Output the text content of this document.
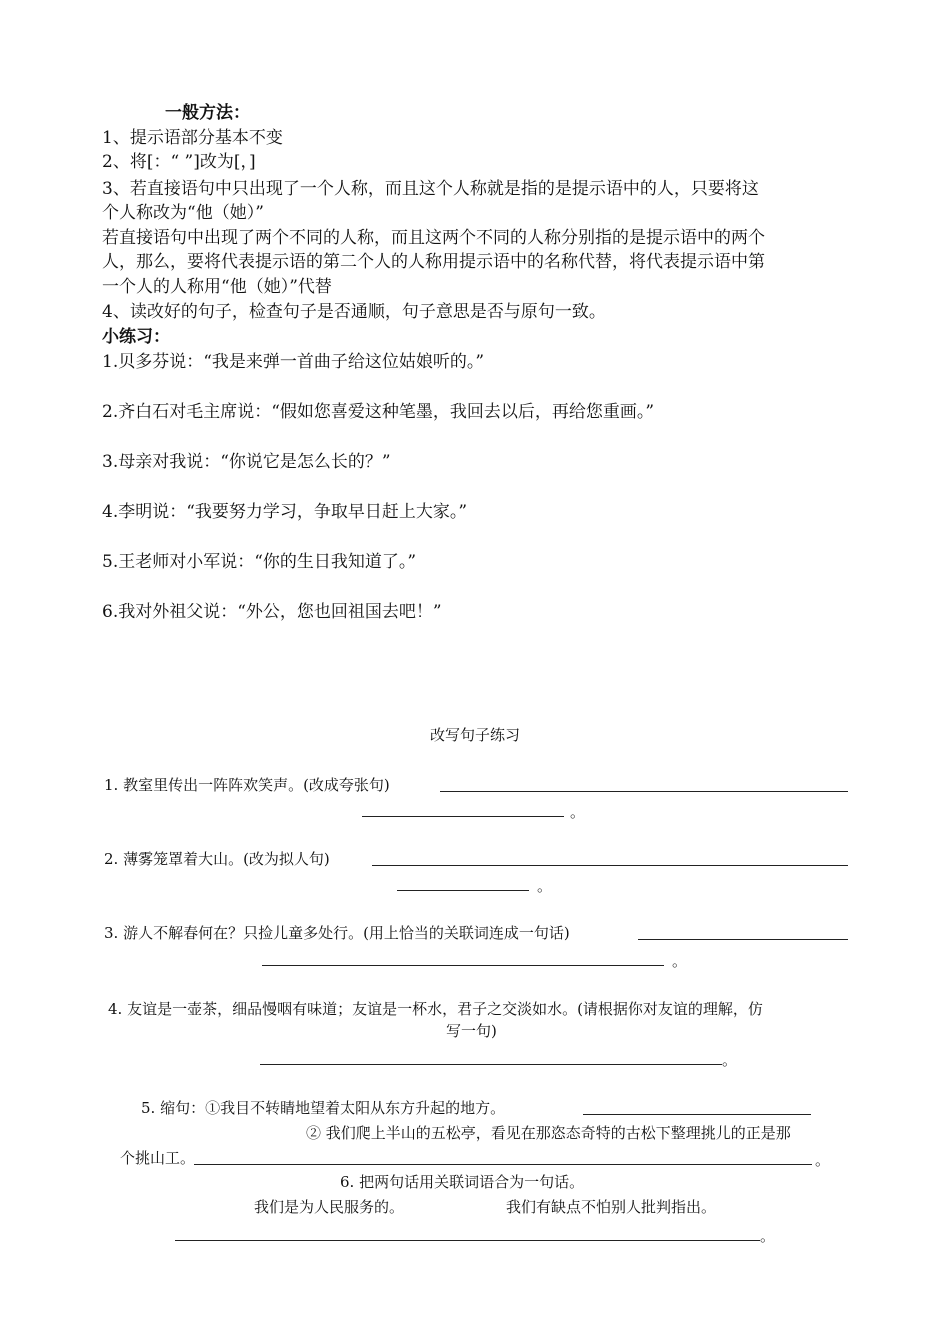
一般方法：
1、提示语部分基本不变
2、将[：“ ”]改为[，]
3、若直接语句中只出现了一个人称，而且这个人称就是指的是提示语中的人，只要将这
个人称改为“他（她）”
若直接语句中出现了两个不同的人称，而且这两个不同的人称分别指的是提示语中的两个
人，那么，要将代表提示语的第二个人的人称用提示语中的名称代替，将代表提示语中第
一个人的人称用“他（她）”代替
4、读改好的句子，检查句子是否通顺，句子意思是否与原句一致。
小练习：
1.贝多芬说：“我是来弹一首曲子给这位姑娘听的。”
2.齐白石对毛主席说：“假如您喜爱这种笔墨，我回去以后，再给您重画。”
3.母亲对我说：“你说它是怎么长的？”
4.李明说：“我要努力学习，争取早日赶上大家。”
5.王老师对小军说：“你的生日我知道了。”
6.我对外祖父说：“外公，您也回祖国去吧！”
改写句子练习
1. 教室里传出一阵阵欢笑声。(改成夸张句)
。
2. 薄雾笼罩着大山。(改为拟人句)
。
3. 游人不解春何在？只捡儿童多处行。(用上恰当的关联词连成一句话)
。
4. 友谊是一壶茶，细品慢咽有味道；友谊是一杯水，君子之交淡如水。(请根据你对友谊的理解，仿
写一句)
。
5. 缩句：①我目不转睛地望着太阳从东方升起的地方。
② 我们爬上半山的五松亭，看见在那恣态奇特的古松下整理挑儿的正是那
个挑山工。	。
6. 把两句话用关联词语合为一句话。
我们是为人民服务的。	我们有缺点不怕别人批判指出。
。
